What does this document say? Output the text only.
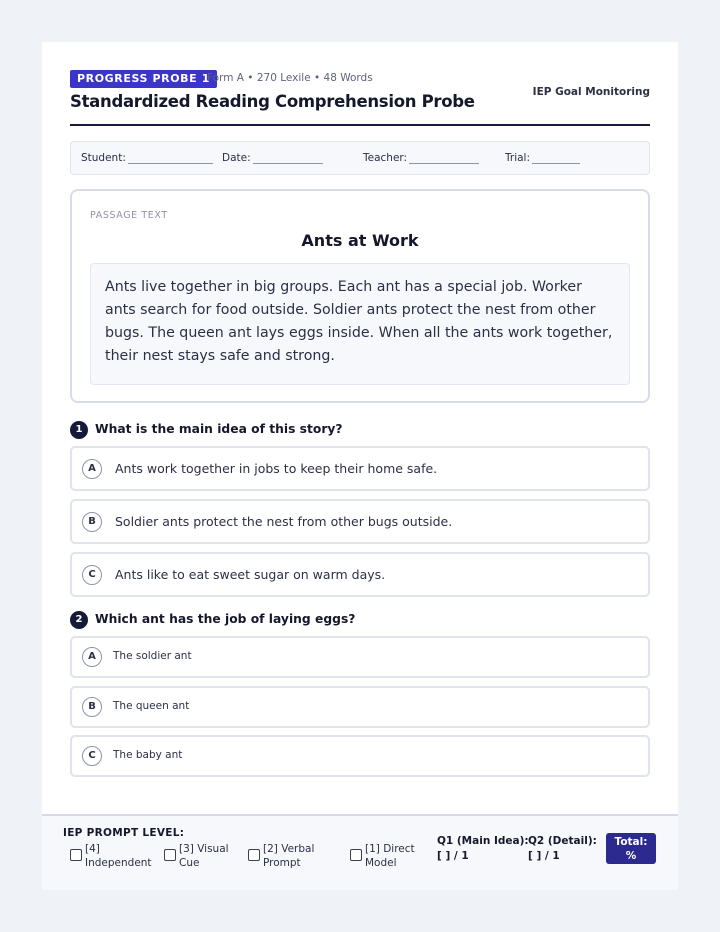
PROGRESS PROBE 1
Form A • 270 Lexile • 48 Words
Standardized Reading Comprehension Probe	IEP Goal Monitoring
Student:	Date:	Teacher:	Trial:
PASSAGE TEXT
Ants at Work
Ants live together in big groups. Each ant has a special job. Worker ants search for food outside. Soldier ants protect the nest from other bugs. The queen ant lays eggs inside. When all the ants work together, their nest stays safe and strong.
1	What is the main idea of this story?
A	Ants work together in jobs to keep their home safe.
B	Soldier ants protect the nest from other bugs outside.
C	Ants like to eat sweet sugar on warm days.
2	Which ant has the job of laying eggs?
A	The soldier ant
B	The queen ant
C	The baby ant
IEP PROMPT LEVEL:
[4]
Independent
[3] Visual
Cue
[2] Verbal
Prompt
[1] Direct
Model
Q1 (Main Idea):
[ ] / 1
Q2 (Detail):
[ ] / 1
Total:
%
